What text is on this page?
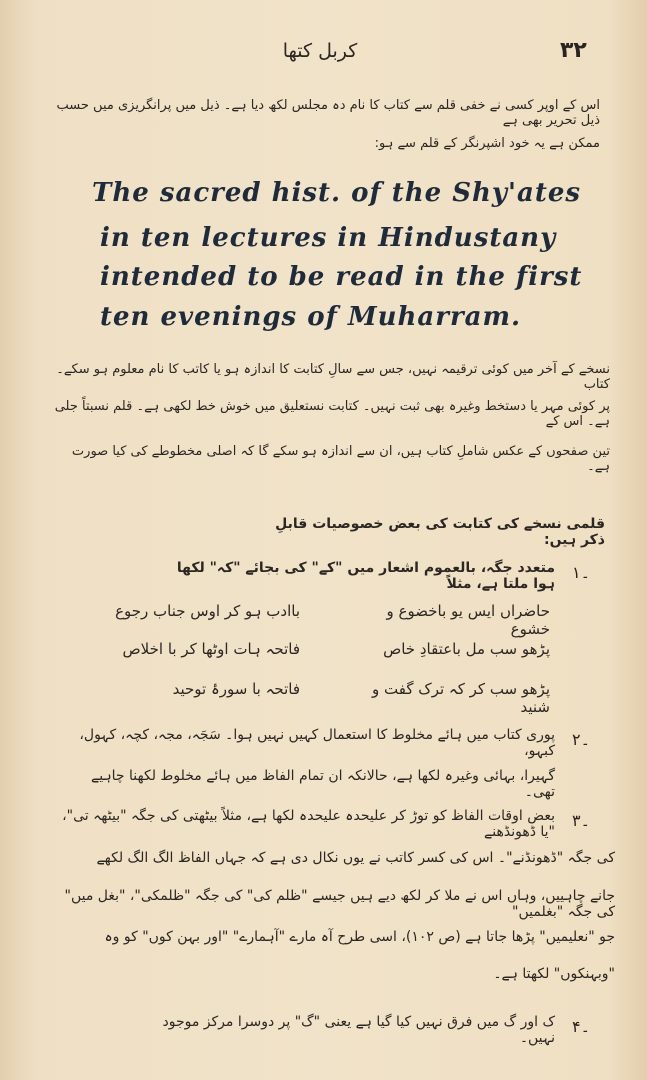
۳۲
کربل کتھا
اس کے اوپر کسی نے خفی قلم سے کتاب کا نام دہ مجلس لکھ دیا ہے۔ ذیل میں پرانگریزی میں حسب ذیل تحریر بھی ہے
ممکن ہے یہ خود اشپرنگر کے قلم سے ہو:
The sacred hist. of the Shy'ates
in ten lectures in Hindustany
intended to be read in the first
ten evenings of Muharram.
نسخے کے آخر میں کوئی ترقیمہ نہیں، جس سے سالِ کتابت کا اندازہ ہو یا کاتب کا نام معلوم ہو سکے۔ کتاب
پر کوئی مہر یا دستخط وغیرہ بھی ثبت نہیں۔ کتابت نستعلیق میں خوش خط لکھی ہے۔ قلم نسبتاً جلی ہے۔ اس کے
تین صفحوں کے عکس شاملِ کتاب ہیں، ان سے اندازہ ہو سکے گا کہ اصلی مخطوطے کی کیا صورت ہے۔
قلمی نسخے کی کتابت کی بعض خصوصیات قابلِ ذکر ہیں:
۱۔
متعدد جگہ، بالعموم اشعار میں "کے" کی بجائے "کہ" لکھا ہوا ملتا ہے، مثلاً
حاضراں ایس یو باخضوع و خشوع
باادب ہو کر اوس جناب رجوع
پڑھو سب مل باعتقادِ خاص
فاتحہ ہات اوٹھا کر با اخلاص
پڑھو سب کر کہ ترک گفت و شنید
فاتحہ با سورۂ توحید
۲۔
پوری کتاب میں ہائے مخلوط کا استعمال کہیں نہیں ہوا۔ سَجَہ، مجہ، کچہ، کہول، کبہو،
گہیرا، بہائی وغیرہ لکھا ہے، حالانکہ ان تمام الفاظ میں ہائے مخلوط لکھنا چاہیے تھی۔
۳۔
بعض اوقات الفاظ کو توڑ کر علیحدہ علیحدہ لکھا ہے، مثلاً بیٹھتی کی جگہ "بیٹھہ تی"، "یا ڈھونڈھنے
کی جگہ "ڈھونڈنے"۔ اس کی کسر کاتب نے یوں نکال دی ہے کہ جہاں الفاظ الگ الگ لکھے
جانے چاہییں، وہاں اس نے ملا کر لکھ دیے ہیں جیسے "ظلم کی" کی جگہ "ظلمکی"، "بغل میں" کی جگہ "بغلمیں"
جو "نعلیمیں" پڑھا جاتا ہے (ص ۱۰۲)، اسی طرح آہ مارے "آہمارے" "اور بہن کوں" کو وہ
"وبہنکوں" لکھتا ہے۔
۴۔
ک اور گ میں فرق نہیں کیا گیا ہے یعنی "گ" پر دوسرا مرکز موجود نہیں۔
